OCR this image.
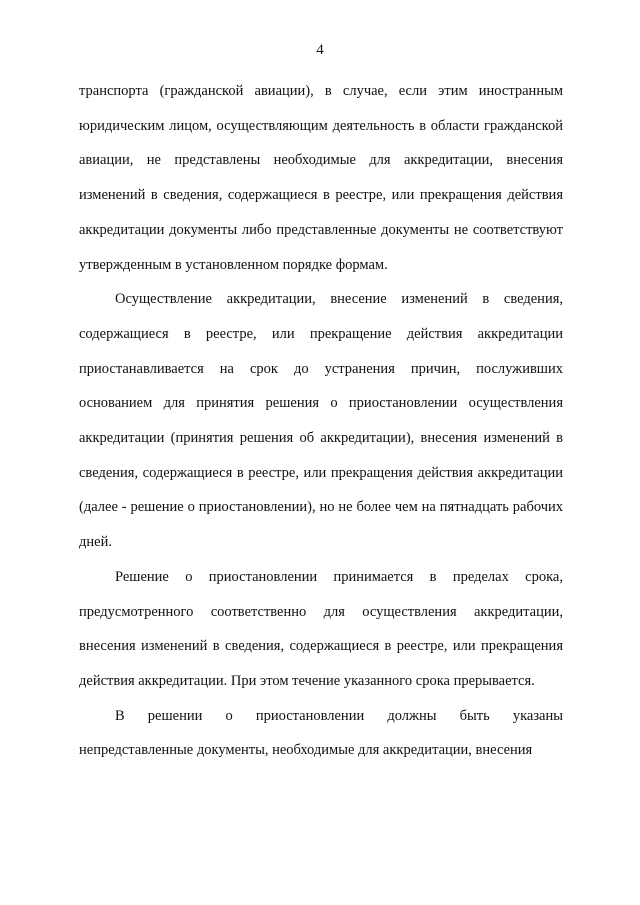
4

транспорта (гражданской авиации), в случае, если этим иностранным юридическим лицом, осуществляющим деятельность в области гражданской авиации, не представлены необходимые для аккредитации, внесения изменений в сведения, содержащиеся в реестре, или прекращения действия аккредитации документы либо представленные документы не соответствуют утвержденным в установленном порядке формам.

Осуществление аккредитации, внесение изменений в сведения, содержащиеся в реестре, или прекращение действия аккредитации приостанавливается на срок до устранения причин, послуживших основанием для принятия решения о приостановлении осуществления аккредитации (принятия решения об аккредитации), внесения изменений в сведения, содержащиеся в реестре, или прекращения действия аккредитации (далее - решение о приостановлении), но не более чем на пятнадцать рабочих дней.

Решение о приостановлении принимается в пределах срока, предусмотренного соответственно для осуществления аккредитации, внесения изменений в сведения, содержащиеся в реестре, или прекращения действия аккредитации. При этом течение указанного срока прерывается.

В решении о приостановлении должны быть указаны непредставленные документы, необходимые для аккредитации, внесения
